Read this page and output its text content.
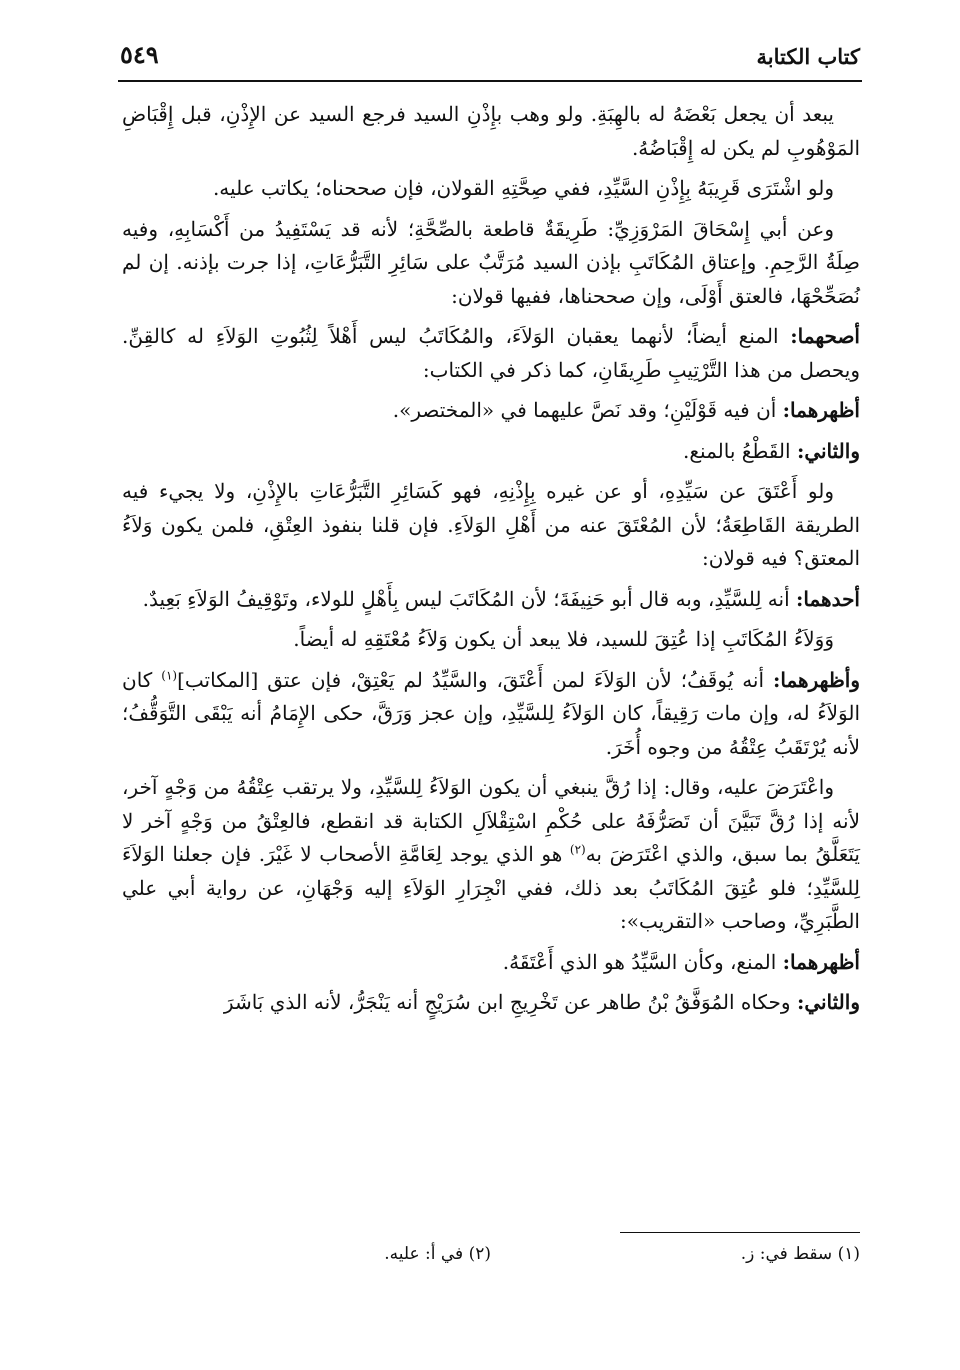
كتاب الكتابة
٥٤٩

يبعد أن يجعل بَعْضَهُ له بالهِبَةِ. ولو وهب بإِذْنِ السيد فرجع السيد عن الإِذْنِ، قبل إِقْبَاضِ المَوْهُوبِ لم يكن له إِقْبَاضُهُ.

ولو اشْتَرَى قَرِيبَهُ بِإِذْنِ السَّيِّدِ، ففي صِحَّتِهِ القولان، فإن صححناه؛ يكاتب عليه.

وعن أبي إِسْحَاقَ المَرْوَزِيِّ: طَرِيقَةٌ قاطعة بالصِّحَّةِ؛ لأنه قد يَسْتَفِيدُ من أَكْسَابِهِ، وفيه صِلَةُ الرَّحِمِ. وإعتاق المُكَاتَبِ بإذن السيد مُرَتَّبٌ على سَائِرِ التَّبَرُّعَاتِ، إذا جرت بإذنه. إن لم نُصَحِّحْهَا، فالعتق أَوْلَى، وإن صححناها، ففيها قولان:

أصحهما: المنع أيضاً؛ لأنهما يعقبان الوَلاَءَ، والمُكَاتَبُ ليس أَهْلاً لِثُبُوتِ الوَلاَءِ له كالقِنِّ. ويحصل من هذا التَّرْتِيبِ طَرِيقَانِ، كما ذكر في الكتاب:

أظهرهما: أن فيه قَوْلَيْنِ؛ وقد نَصَّ عليهما في «المختصر».

والثاني: القَطْعُ بالمنع.

ولو أَعْتَقَ عن سَيِّدِهِ، أو عن غيره بِإِذْنِهِ، فهو كَسَائِرِ التَّبَرُّعَاتِ بالإِذْنِ، ولا يجيء فيه الطريقة القَاطِعَةُ؛ لأن المُعْتَقَ عنه من أَهْلِ الوَلاَءِ. فإن قلنا بنفوذ العِتْقِ، فلمن يكون وَلاَءُ المعتق؟ فيه قولان:

أحدهما: أنه لِلسَّيِّدِ، وبه قال أبو حَنِيفَةَ؛ لأن المُكَاتَبَ ليس بِأَهْلٍ للولاء، وتَوْقِيفُ الوَلاَءِ بَعِيدٌ.

وَوَلاَءُ المُكَاتَبِ إذا عُتِقَ للسيد، فلا يبعد أن يكون وَلاَءُ مُعْتَقِهِ له أيضاً.

وأظهرهما: أنه يُوقَفُ؛ لأن الوَلاَءَ لمن أَعْتَقَ، والسَّيِّدُ لم يَعْتِقْ، فإن عتق [المكاتب]$^{(١)}$ كان الوَلاَءُ له، وإن مات رَقِيقاً، كان الوَلاَءُ لِلسَّيِّدِ، وإن عجز وَرَقَّ، حكى الإِمَامُ أنه يَبْقَى التَّوَقُّفُ؛ لأنه يُرْتَقَبُ عِتْقُهُ من وجوه أُخَرَ.

واعْتَرَضَ عليه، وقال: إذا رُقَّ ينبغي أن يكون الوَلاَءُ لِلسَّيِّدِ، ولا يرتقب عِتْقُهُ من وَجْهٍ آخر، لأنه إذا رُقَّ تَبَيَّنَ أن تَصَرُّفَهُ على حُكْمِ اسْتِقْلاَلِ الكتابة قد انقطع، فالعِتْقُ من وَجْهٍ آخر لا يَتَعَلَّقُ بما سبق، والذي اعْتَرَضَ به$^{(٢)}$ هو الذي يوجد لِعَامَّةِ الأصحاب لا غَيْرَ. فإن جعلنا الوَلاَءَ لِلسَّيِّدِ؛ فلو عُتِقَ المُكَاتَبُ بعد ذلك، ففي انْجِرَارِ الوَلاَءِ إليه وَجْهَانِ، عن رواية أبي علي الطَّبَرِيِّ، وصاحب «التقريب»:

أظهرهما: المنع، وكأن السَّيِّدُ هو الذي أَعْتَقَهُ.

والثاني: وحكاه المُوَفَّقُ بْنُ طاهر عن تَخْرِيجِ ابن سُرَيْجٍ أنه يَنْجَرُّ، لأنه الذي بَاشَرَ

(١) سقط في: ز.
(٢) في أ: عليه.
